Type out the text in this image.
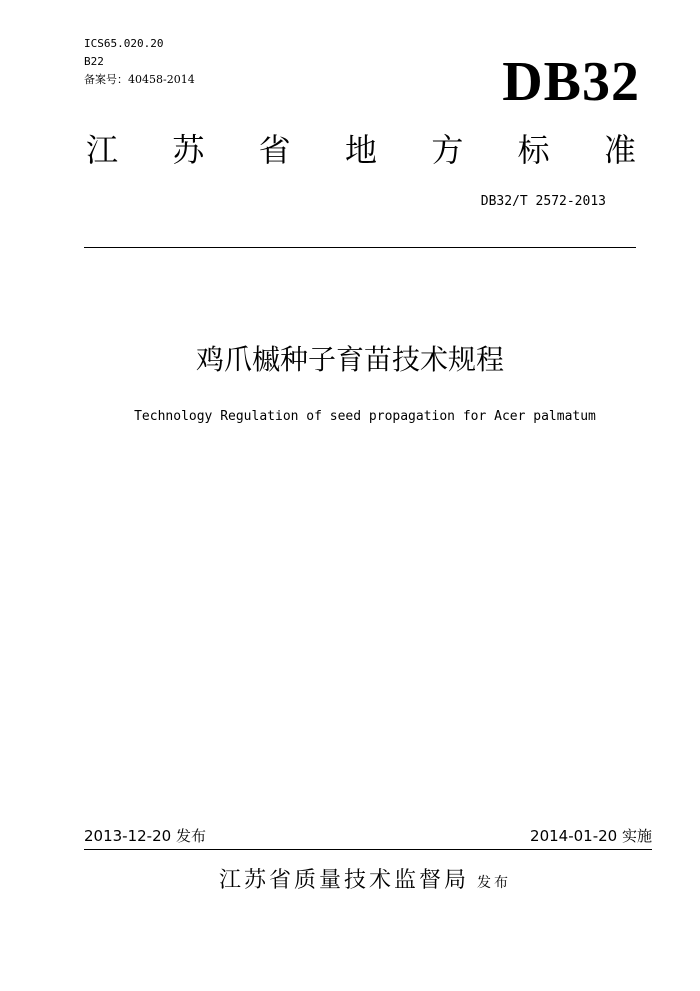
ICS65.020.20
B22
备案号：40458-2014	DB32
江 苏 省 地 方 标 准
DB32/T 2572-2013
鸡爪槭种子育苗技术规程
Technology Regulation of seed propagation for Acer palmatum
2013-12-20 发布	2014-01-20 实施
江苏省质量技术监督局 发布
